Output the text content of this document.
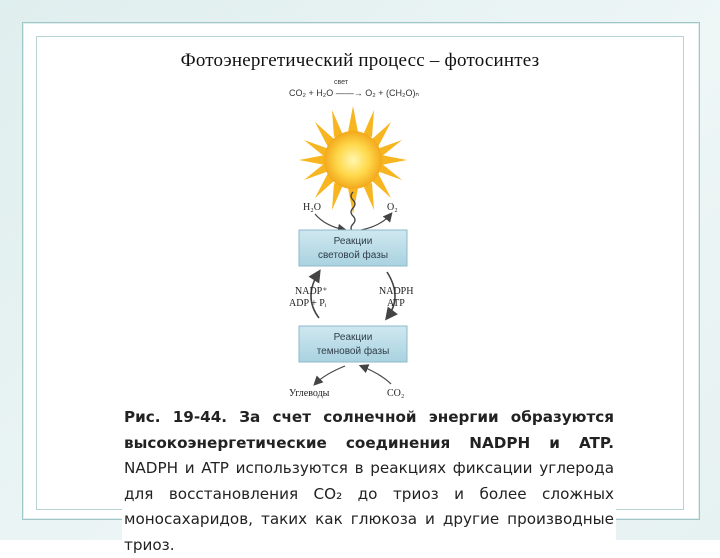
Фотоэнергетический процесс – фотосинтез
свет
CO₂ + H₂O ——→ O₂ + (CH₂O)ₙ
H₂O	O₂
Реакции
световой фазы
NADP⁺
ADP + Pᵢ
NADPH
ATP
Реакции
темновой фазы
Углеводы	CO₂
Рис. 19-44. За счет солнечной энергии образуются высокоэнергетические соединения NADPH и ATP. NADPH и ATP используются в реакциях фиксации углерода для восстановления CO₂ до триоз и более сложных моносахаридов, таких как глюкоза и другие производные триоз.
